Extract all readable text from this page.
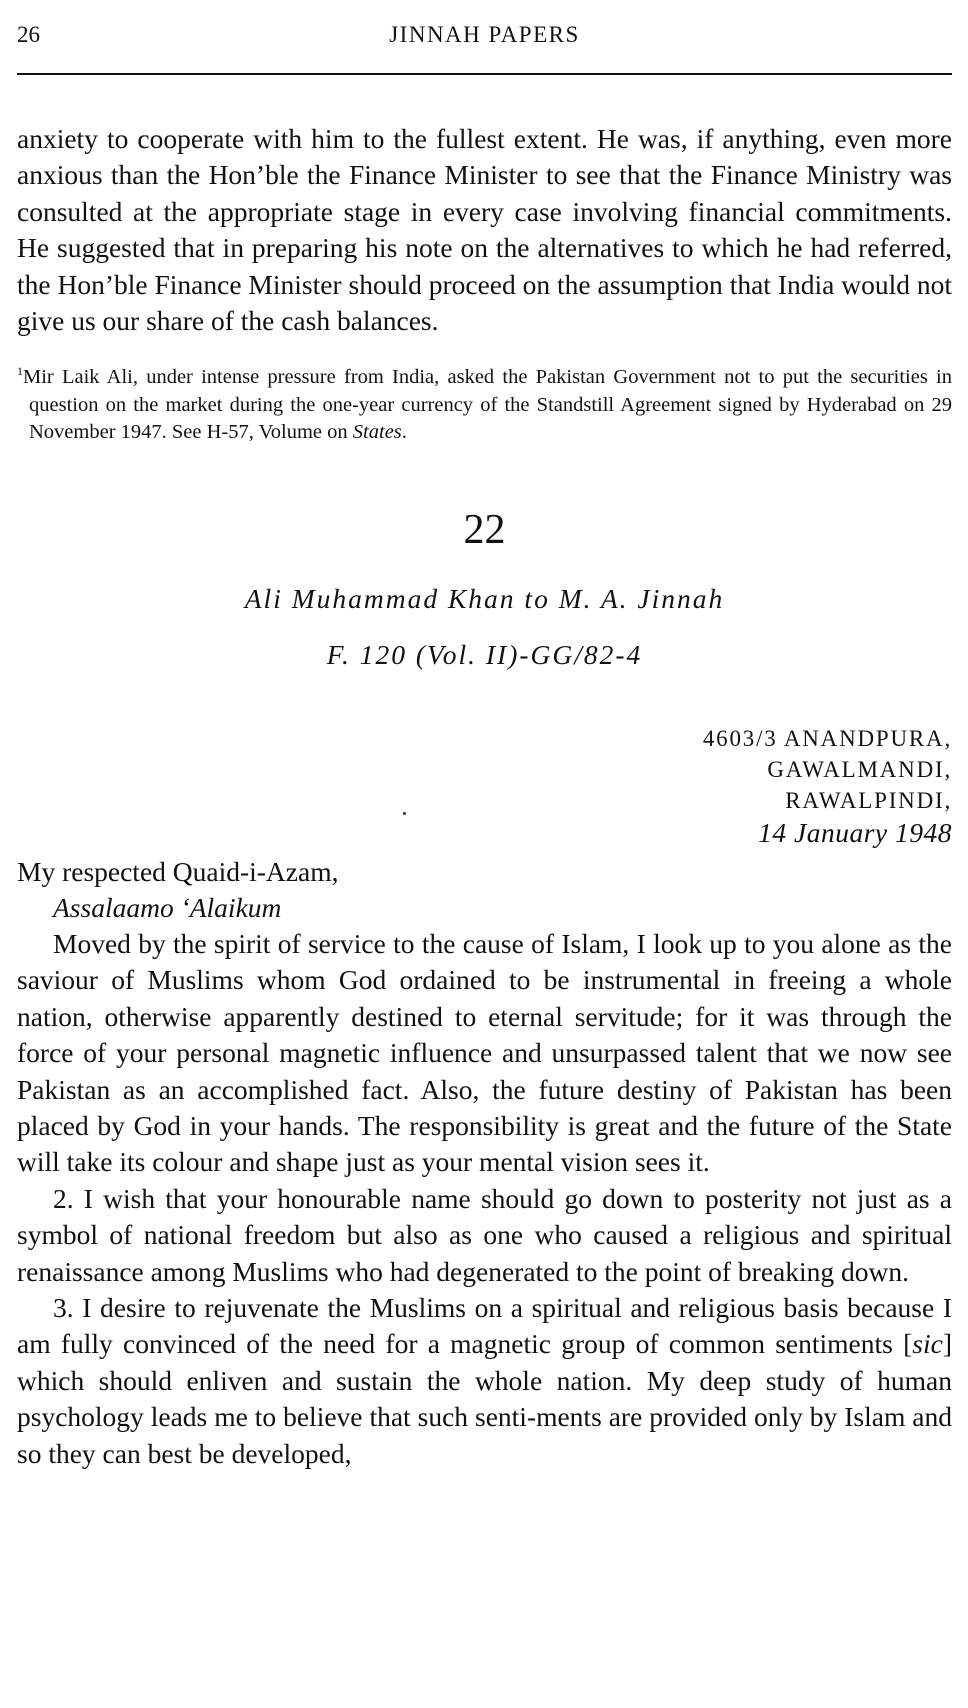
26	JINNAH PAPERS

anxiety to cooperate with him to the fullest extent. He was, if anything, even more anxious than the Hon’ble the Finance Minister to see that the Finance Ministry was consulted at the appropriate stage in every case involving financial commitments. He suggested that in preparing his note on the alternatives to which he had referred, the Hon’ble Finance Minister should proceed on the assumption that India would not give us our share of the cash balances.

$^1$Mir Laik Ali, under intense pressure from India, asked the Pakistan Government not to put the securities in question on the market during the one-year currency of the Standstill Agreement signed by Hyderabad on 29 November 1947. See H-57, Volume on States.

22
Ali Muhammad Khan to M. A. Jinnah
F. 120 (Vol. II)-GG/82-4
4603/3 ANANDPURA,
GAWALMANDI,
RAWALPINDI,
14 January 1948
My respected Quaid-i-Azam,
Assalaamo ‘Alaikum

Moved by the spirit of service to the cause of Islam, I look up to you alone as the saviour of Muslims whom God ordained to be instrumental in freeing a whole nation, otherwise apparently destined to eternal servitude; for it was through the force of your personal magnetic influence and unsurpassed talent that we now see Pakistan as an accomplished fact. Also, the future destiny of Pakistan has been placed by God in your hands. The responsibility is great and the future of the State will take its colour and shape just as your mental vision sees it.

2. I wish that your honourable name should go down to posterity not just as a symbol of national freedom but also as one who caused a religious and spiritual renaissance among Muslims who had degenerated to the point of breaking down.

3. I desire to rejuvenate the Muslims on a spiritual and religious basis because I am fully convinced of the need for a magnetic group of common sentiments [sic] which should enliven and sustain the whole nation. My deep study of human psychology leads me to believe that such senti-ments are provided only by Islam and so they can best be developed,
